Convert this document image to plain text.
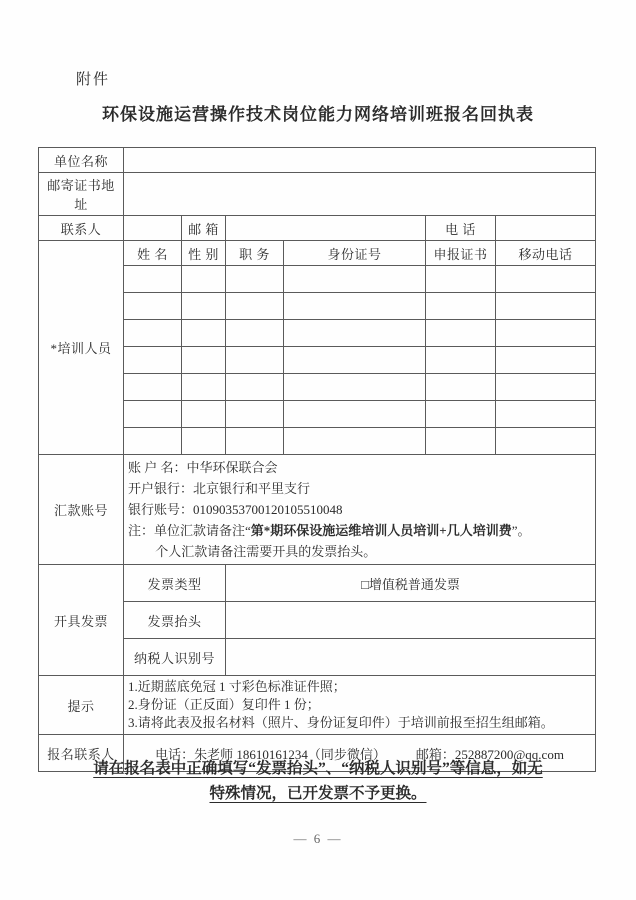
附件
环保设施运营操作技术岗位能力网络培训班报名回执表
单位名称						
邮寄证书地址						
联系人		邮 箱			电 话	
*培训人员	姓 名	性 别	职 务	身份证号	申报证书	移动电话

汇款账号	账 户 名：中华环保联合会
开户银行：北京银行和平里支行
银行账号：01090353700120105510048
注：单位汇款请备注“第*期环保设施运维培训人员培训+几人培训费”。
个人汇款请备注需要开具的发票抬头。					

开具发票	发票类型		□增值税普通发票			
	发票抬头					
	纳税人识别号					
提示	1.近期蓝底免冠 1 寸彩色标准证件照；
2.身份证（正反面）复印件 1 份；
3.请将此表及报名材料（照片、身份证复印件）于培训前报至招生组邮箱。					

报名联系人	电话：朱老师 18610161234（同步微信） 邮箱：252887200@qq.com					
请在报名表中正确填写“发票抬头”、“纳税人识别号”等信息，如无
特殊情况，已开发票不予更换。
— 6 —
